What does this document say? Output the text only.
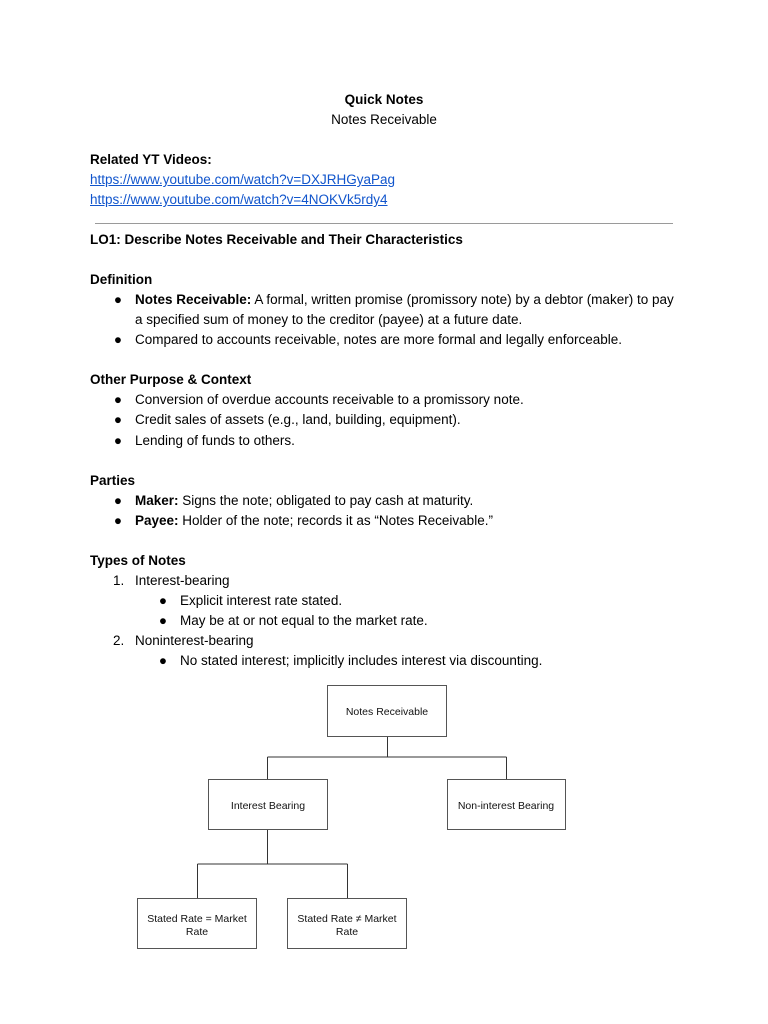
Quick Notes
Notes Receivable
Related YT Videos:
https://www.youtube.com/watch?v=DXJRHGyaPag
https://www.youtube.com/watch?v=4NOKVk5rdy4
LO1: Describe Notes Receivable and Their Characteristics
Definition
● Notes Receivable: A formal, written promise (promissory note) by a debtor (maker) to pay
a specified sum of money to the creditor (payee) at a future date.
● Compared to accounts receivable, notes are more formal and legally enforceable.
Other Purpose & Context
● Conversion of overdue accounts receivable to a promissory note.
● Credit sales of assets (e.g., land, building, equipment).
● Lending of funds to others.
Parties
● Maker: Signs the note; obligated to pay cash at maturity.
● Payee: Holder of the note; records it as “Notes Receivable.”
Types of Notes
1. Interest-bearing
● Explicit interest rate stated.
● May be at or not equal to the market rate.
2. Noninterest-bearing
● No stated interest; implicitly includes interest via discounting.
Notes Receivable
Interest Bearing	Non-interest Bearing
Stated Rate = Market
Rate
Stated Rate ≠ Market
Rate
